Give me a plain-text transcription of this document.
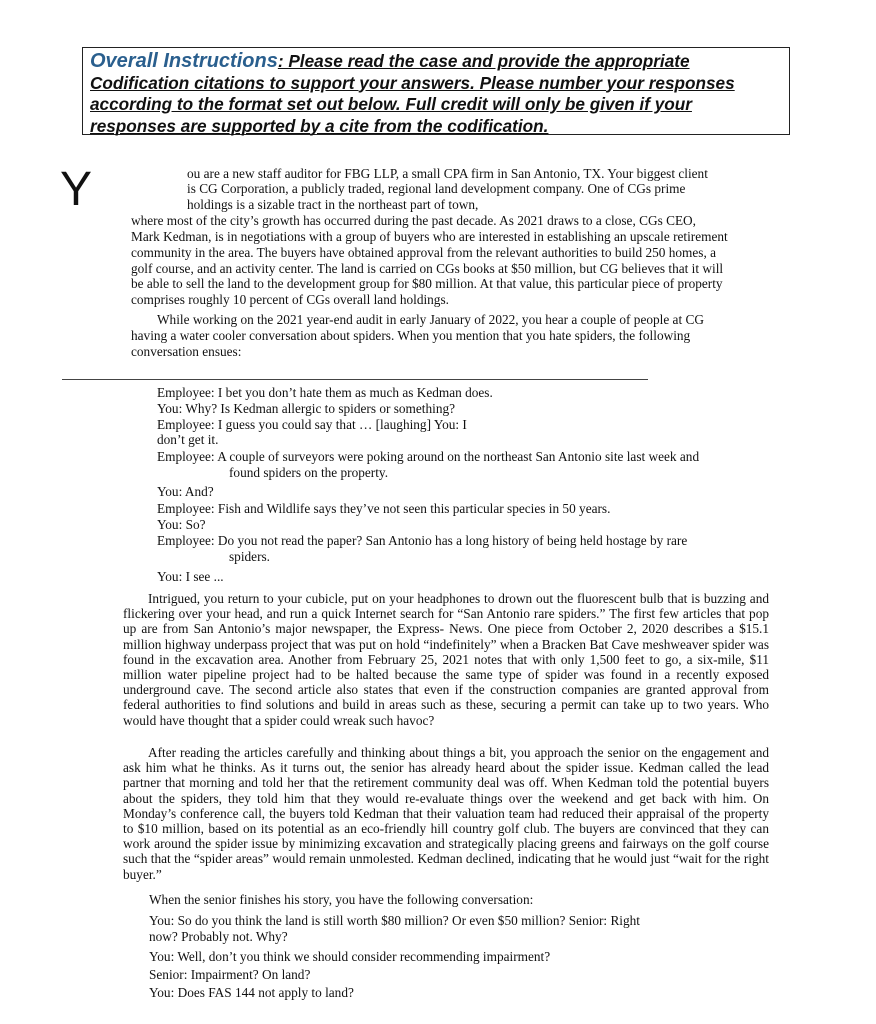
Overall Instructions: Please read the case and provide the appropriate Codification citations to support your answers. Please number your responses according to the format set out below. Full credit will only be given if your responses are supported by a cite from the codification.
Y	ou are a new staff auditor for FBG LLP, a small CPA firm in San Antonio, TX. Your biggest client
is CG Corporation, a publicly traded, regional land development company. One of CGs prime
holdings is a sizable tract in the northeast part of town,
where most of the city’s growth has occurred during the past decade. As 2021 draws to a close, CGs CEO,
Mark Kedman, is in negotiations with a group of buyers who are interested in establishing an upscale retirement
community in the area. The buyers have obtained approval from the relevant authorities to build 250 homes, a
golf course, and an activity center. The land is carried on CGs books at $50 million, but CG believes that it will
be able to sell the land to the development group for $80 million. At that value, this particular piece of property
comprises roughly 10 percent of CGs overall land holdings.
While working on the 2021 year-end audit in early January of 2022, you hear a couple of people at CG
having a water cooler conversation about spiders. When you mention that you hate spiders, the following
conversation ensues:
Employee: I bet you don’t hate them as much as Kedman does.
You: Why? Is Kedman allergic to spiders or something?
Employee: I guess you could say that … [laughing] You: I
don’t get it.
Employee: A couple of surveyors were poking around on the northeast San Antonio site last week and
found spiders on the property.
You: And?
Employee: Fish and Wildlife says they’ve not seen this particular species in 50 years.
You: So?
Employee: Do you not read the paper? San Antonio has a long history of being held hostage by rare
spiders.
You: I see ...
Intrigued, you return to your cubicle, put on your headphones to drown out the fluorescent bulb that is buzzing and flickering over your head, and run a quick Internet search for “San Antonio rare spiders.” The first few articles that pop up are from San Antonio’s major newspaper, the Express- News. One piece from October 2, 2020 describes a $15.1 million highway underpass project that was put on hold “indefinitely” when a Bracken Bat Cave meshweaver spider was found in the excavation area. Another from February 25, 2021 notes that with only 1,500 feet to go, a six-mile, $11 million water pipeline project had to be halted because the same type of spider was found in a recently exposed underground cave. The second article also states that even if the construction companies are granted approval from federal authorities to find solutions and build in areas such as these, securing a permit can take up to two years. Who would have thought that a spider could wreak such havoc?
After reading the articles carefully and thinking about things a bit, you approach the senior on the engagement and ask him what he thinks. As it turns out, the senior has already heard about the spider issue. Kedman called the lead partner that morning and told her that the retirement community deal was off. When Kedman told the potential buyers about the spiders, they told him that they would re-evaluate things over the weekend and get back with him. On Monday’s conference call, the buyers told Kedman that their valuation team had reduced their appraisal of the property to $10 million, based on its potential as an eco-friendly hill country golf club. The buyers are convinced that they can work around the spider issue by minimizing excavation and strategically placing greens and fairways on the golf course such that the “spider areas” would remain unmolested. Kedman declined, indicating that he would just “wait for the right buyer.”
When the senior finishes his story, you have the following conversation:
You: So do you think the land is still worth $80 million? Or even $50 million? Senior: Right
now? Probably not. Why?
You: Well, don’t you think we should consider recommending impairment?
Senior: Impairment? On land?
You: Does FAS 144 not apply to land?
